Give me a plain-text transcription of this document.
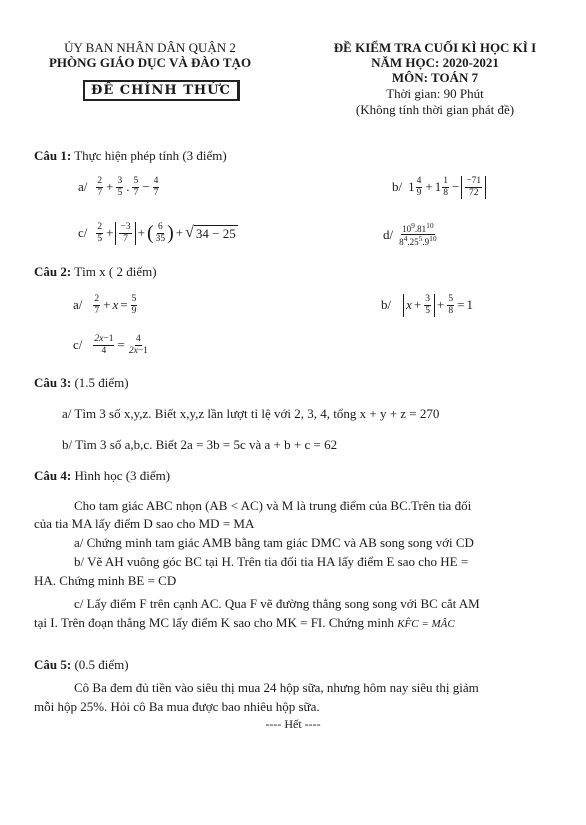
ỦY BAN NHÂN DÂN QUẬN 2
PHÒNG GIÁO DỤC VÀ ĐÀO TẠO
ĐỀ CHÍNH THỨC
ĐỀ KIỂM TRA CUỐI KÌ HỌC KÌ I
NĂM HỌC: 2020-2021
MÔN: TOÁN 7
Thời gian: 90 Phút
(Không tính thời gian phát đề)
Câu 1: Thực hiện phép tính (3 điểm)
$a/ \frac{2}{7} + \frac{3}{5}$ . $\frac{5}{7} - \frac{4}{7}$	b/ $1 \frac{4}{9} + 1 \frac{1}{8} - \frac{-71}{72}$
$c/ \frac{2}{5} + \frac{-3}{7}$ + ( $\frac{6}{35}$ ) + √ 34 − 25	$d/ \frac{10^9.81^{10}}{8^4.25^5.9^{10}}$
Câu 2: Tìm x ( 2 điểm)
$a/ \frac{2}{7} + x = \frac{5}{9}$	b/ $x + \frac{3}{5} + \frac{5}{8} = 1$
$c/ \frac{2x-1}{4} = \frac{4}{2x-1}$
Câu 3: (1.5 điểm)
a/ Tìm 3 số x,y,z. Biết x,y,z lần lượt tỉ lệ với 2, 3, 4, tổng x + y + z = 270
b/ Tìm 3 số a,b,c. Biết 2a = 3b = 5c và a + b + c = 62
Câu 4: Hình học (3 điểm)
Cho tam giác ABC nhọn (AB < AC) và M là trung điểm của BC.Trên tia đối
của tia MA lấy điểm D sao cho MD = MA
a/ Chứng minh tam giác AMB bằng tam giác DMC và AB song song với CD
b/ Vẽ AH vuông góc BC tại H. Trên tia đối tia HA lấy điểm E sao cho HE =
HA. Chứng minh BE = CD
c/ Lấy điểm F trên cạnh AC. Qua F vẽ đường thẳng song song với BC cắt AM
tại I. Trên đoạn thẳng MC lấy điểm K sao cho MK = FI. Chứng minh KF̂C = MÂC
Câu 5: (0.5 điểm)
Cô Ba đem đủ tiền vào siêu thị mua 24 hộp sữa, nhưng hôm nay siêu thị giảm
mỗi hộp 25%. Hỏi cô Ba mua được bao nhiêu hộp sữa.
---- Hết ----
